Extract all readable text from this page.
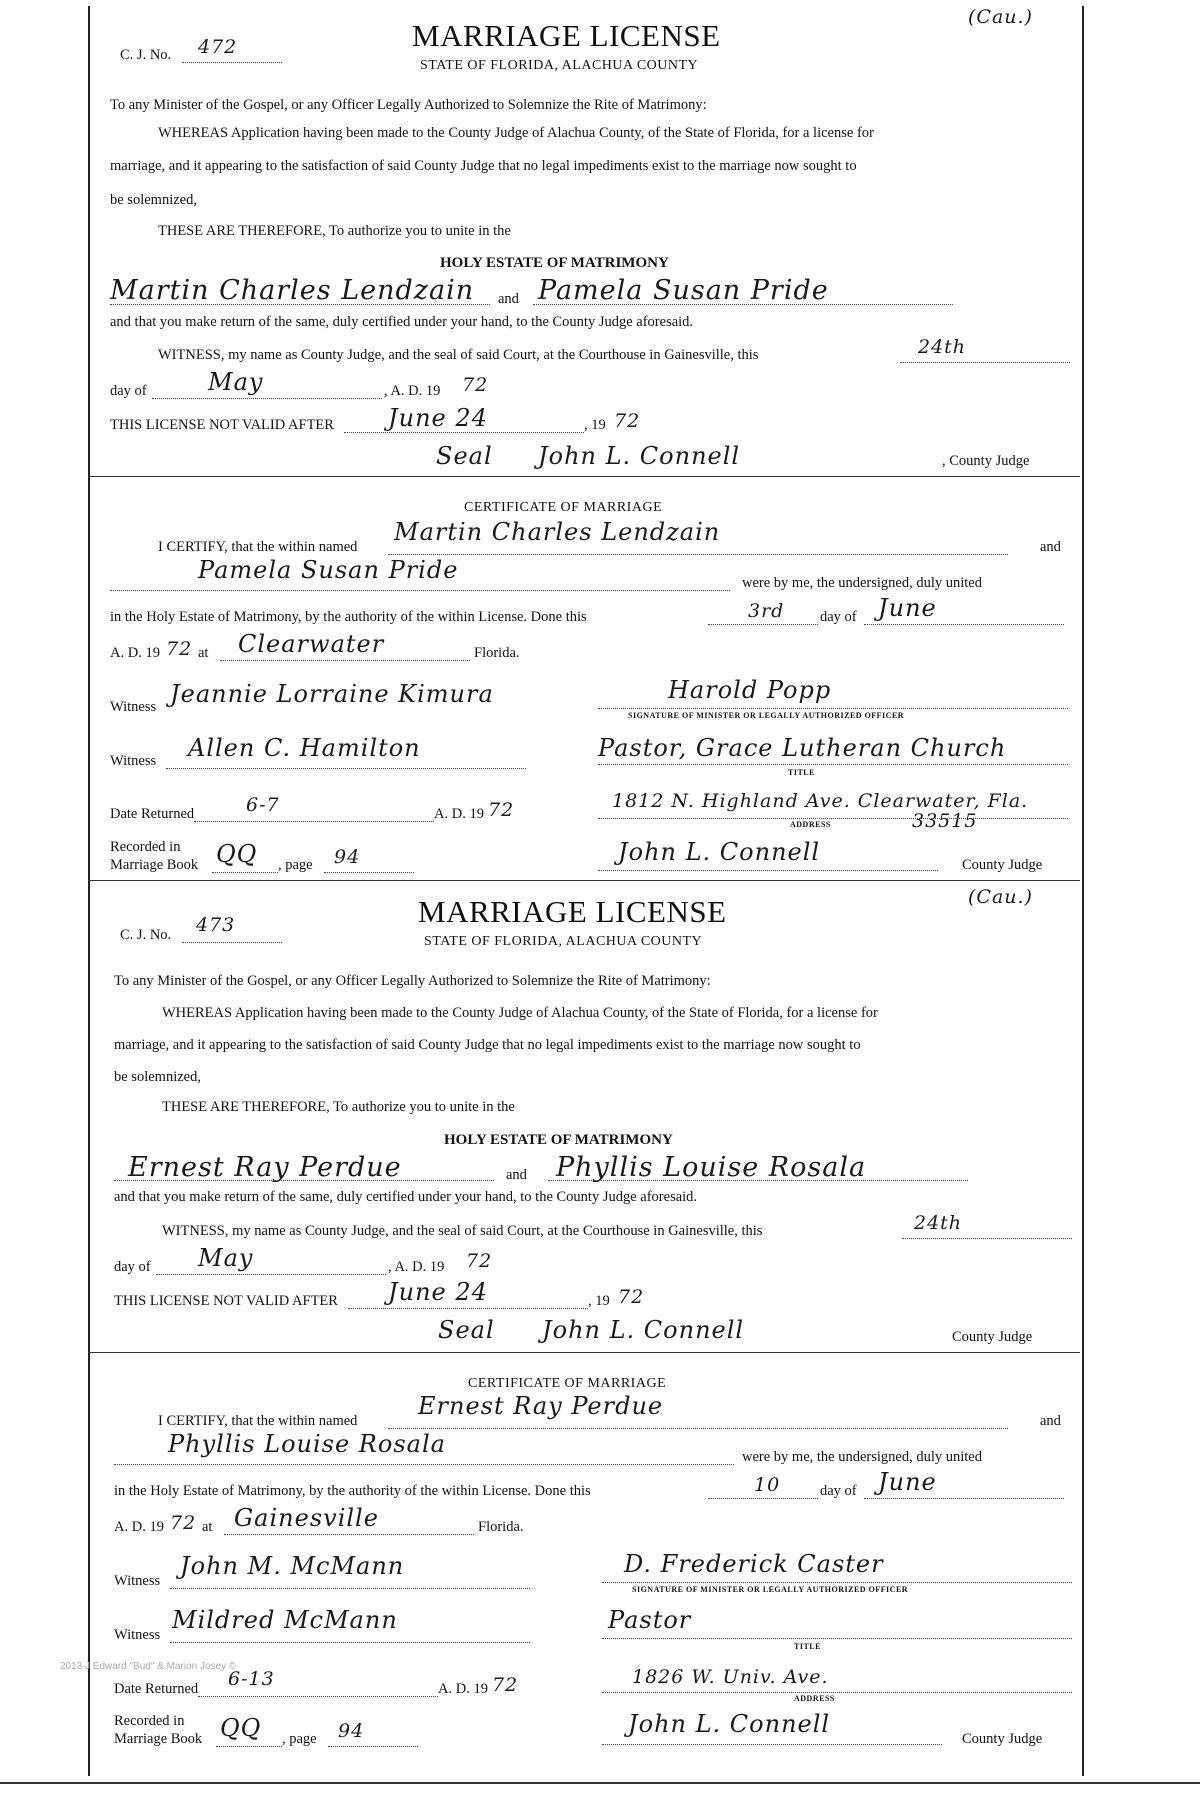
C. J. No. 472	MARRIAGE LICENSE
(Cau.)
STATE OF FLORIDA, ALACHUA COUNTY
To any Minister of the Gospel, or any Officer Legally Authorized to Solemnize the Rite of Matrimony:
WHEREAS Application having been made to the County Judge of Alachua County, of the State of Florida, for a license for
marriage, and it appearing to the satisfaction of said County Judge that no legal impediments exist to the marriage now sought to
be solemnized,
THESE ARE THEREFORE, To authorize you to unite in the
HOLY ESTATE OF MATRIMONY
Martin Charles Lendzain and Pamela Susan Pride
and that you make return of the same, duly certified under your hand, to the County Judge aforesaid.
WITNESS, my name as County Judge, and the seal of said Court, at the Courthouse in Gainesville, this	24th
day of	May	, A. D. 19 72
THIS LICENSE NOT VALID AFTER June 24	, 19 72
Seal John L. Connell	, County Judge
CERTIFICATE OF MARRIAGE
I CERTIFY, that the within named
Martin Charles Lendzain
and
Pamela Susan Pride	were by me, the undersigned, duly united
in the Holy Estate of Matrimony, by the authority of the within License. Done this	3rd day of June
A. D. 19 72 at Clearwater	Florida.
Witness Jeannie Lorraine Kimura	Harold Popp
SIGNATURE OF MINISTER OR LEGALLY AUTHORIZED OFFICER
Witness Allen C. Hamilton	Pastor, Grace Lutheran Church
TITLE
Date Returned	6-7	A. D. 19 72	1812 N. Highland Ave. Clearwater, Fla.
ADDRESS	33515
Recorded in
Marriage Book QQ , page 94	John L. Connell	County Judge
C. J. No. 473	MARRIAGE LICENSE	(Cau.)
STATE OF FLORIDA, ALACHUA COUNTY
To any Minister of the Gospel, or any Officer Legally Authorized to Solemnize the Rite of Matrimony:
WHEREAS Application having been made to the County Judge of Alachua County, of the State of Florida, for a license for
marriage, and it appearing to the satisfaction of said County Judge that no legal impediments exist to the marriage now sought to
be solemnized,
THESE ARE THEREFORE, To authorize you to unite in the
HOLY ESTATE OF MATRIMONY
Ernest Ray Perdue	and Phyllis Louise Rosala
and that you make return of the same, duly certified under your hand, to the County Judge aforesaid.
WITNESS, my name as County Judge, and the seal of said Court, at the Courthouse in Gainesville, this	24th
day of May	, A. D. 19 72
THIS LICENSE NOT VALID AFTER June 24	, 19 72
Seal John L. Connell	County Judge
CERTIFICATE OF MARRIAGE
I CERTIFY, that the within named
Ernest Ray Perdue
and
Phyllis Louise Rosala	were by me, the undersigned, duly united
in the Holy Estate of Matrimony, by the authority of the within License. Done this	10	day of June
A. D. 19 72 at Gainesville	Florida.
Witness
John M. McMann	D. Frederick Caster
SIGNATURE OF MINISTER OR LEGALLY AUTHORIZED OFFICER
Witness
Mildred McMann	Pastor
TITLE
Date Returned 6-13	A. D. 19 72	1826 W. Univ. Ave.
ADDRESS
Recorded in
Marriage Book QQ , page 94	John L. Connell
County Judge
2013 J Edward "Bud" & Marion Josey ©
